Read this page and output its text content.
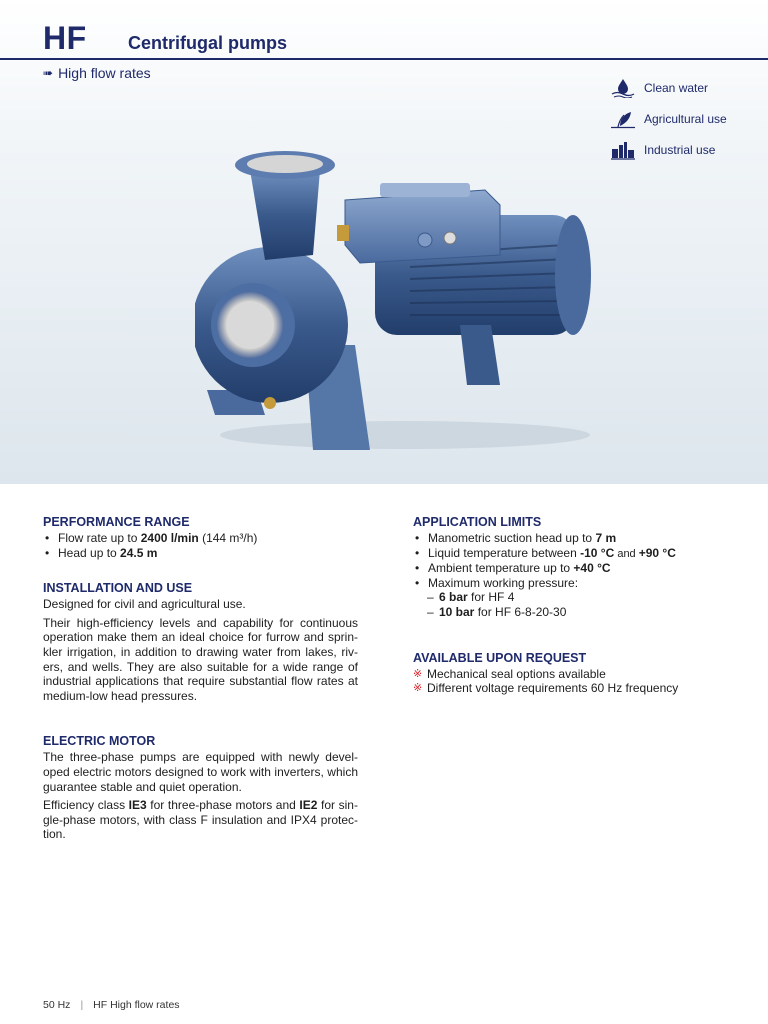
HF Centrifugal pumps
➠ High flow rates
Clean water
Agricultural use
Industrial use
PERFORMANCE RANGE
• Flow rate up to 2400 l/min (144 m³/h)
• Head up to 24.5 m
INSTALLATION AND USE

Designed for civil and agricultural use.

Their high-efficiency levels and capability for continuous operation make them an ideal choice for furrow and sprin- kler irrigation, in addition to drawing water from lakes, riv- ers, and wells. They are also suitable for a wide range of industrial applications that require substantial flow rates at medium-low head pressures.

ELECTRIC MOTOR

The three-phase pumps are equipped with newly devel- oped electric motors designed to work with inverters, which guarantee stable and quiet operation.

Efficiency class IE3 for three-phase motors and IE2 for sin- gle-phase motors, with class F insulation and IPX4 protec- tion.

APPLICATION LIMITS
• Manometric suction head up to 7 m
• Liquid temperature between -10 °C and +90 °C
• Ambient temperature up to +40 °C
• Maximum working pressure:
– 6 bar for HF 4
– 10 bar for HF 6-8-20-30
AVAILABLE UPON REQUEST
※ Mechanical seal options available
※ Different voltage requirements 60 Hz frequency
50 Hz | HF High flow rates
